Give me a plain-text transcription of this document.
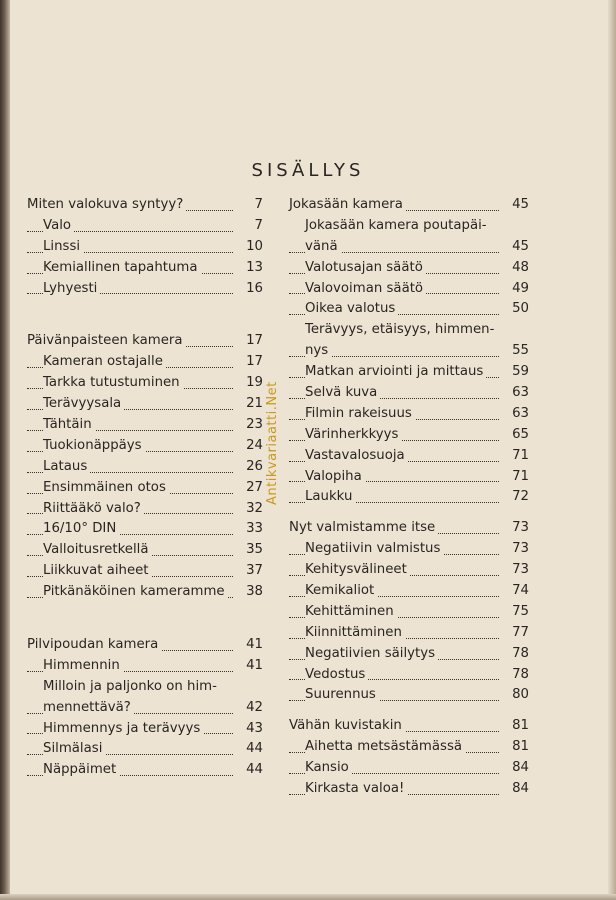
SISÄLLYS
Miten valokuva syntyy?	7
Valo	7
Linssi	10
Kemiallinen tapahtuma	13
Lyhyesti	16
Päivänpaisteen kamera	17
Kameran ostajalle	17
Tarkka tutustuminen	19
Terävyysala	21
Tähtäin	23
Tuokionäppäys	24
Lataus	26
Ensimmäinen otos	27
Riittääkö valo?	32
16/10° DIN	33
Valloitusretkellä	35
Liikkuvat aiheet	37
Pitkänäköinen kameramme	38
Pilvipoudan kamera	41
Himmennin	41
Milloin ja paljonko on him-
mennettävä?	42
Himmennys ja terävyys	43
Silmälasi	44
Näppäimet	44
Jokasään kamera	45
Jokasään kamera poutapäi-
vänä	45
Valotusajan säätö	48
Valovoiman säätö	49
Oikea valotus	50
Terävyys, etäisyys, himmen-
nys	55
Matkan arviointi ja mittaus	59
Selvä kuva	63
Filmin rakeisuus	63
Värinherkkyys	65
Vastavalosuoja	71
Valopiha	71
Laukku	72
Nyt valmistamme itse	73
Negatiivin valmistus	73
Kehitysvälineet	73
Kemikaliot	74
Kehittäminen	75
Kiinnittäminen	77
Negatiivien säilytys	78
Vedostus	78
Suurennus	80
Vähän kuvistakin	81
Aihetta metsästämässä	81
Kansio	84
Kirkasta valoa!	84
Antikvariaatti.Net
